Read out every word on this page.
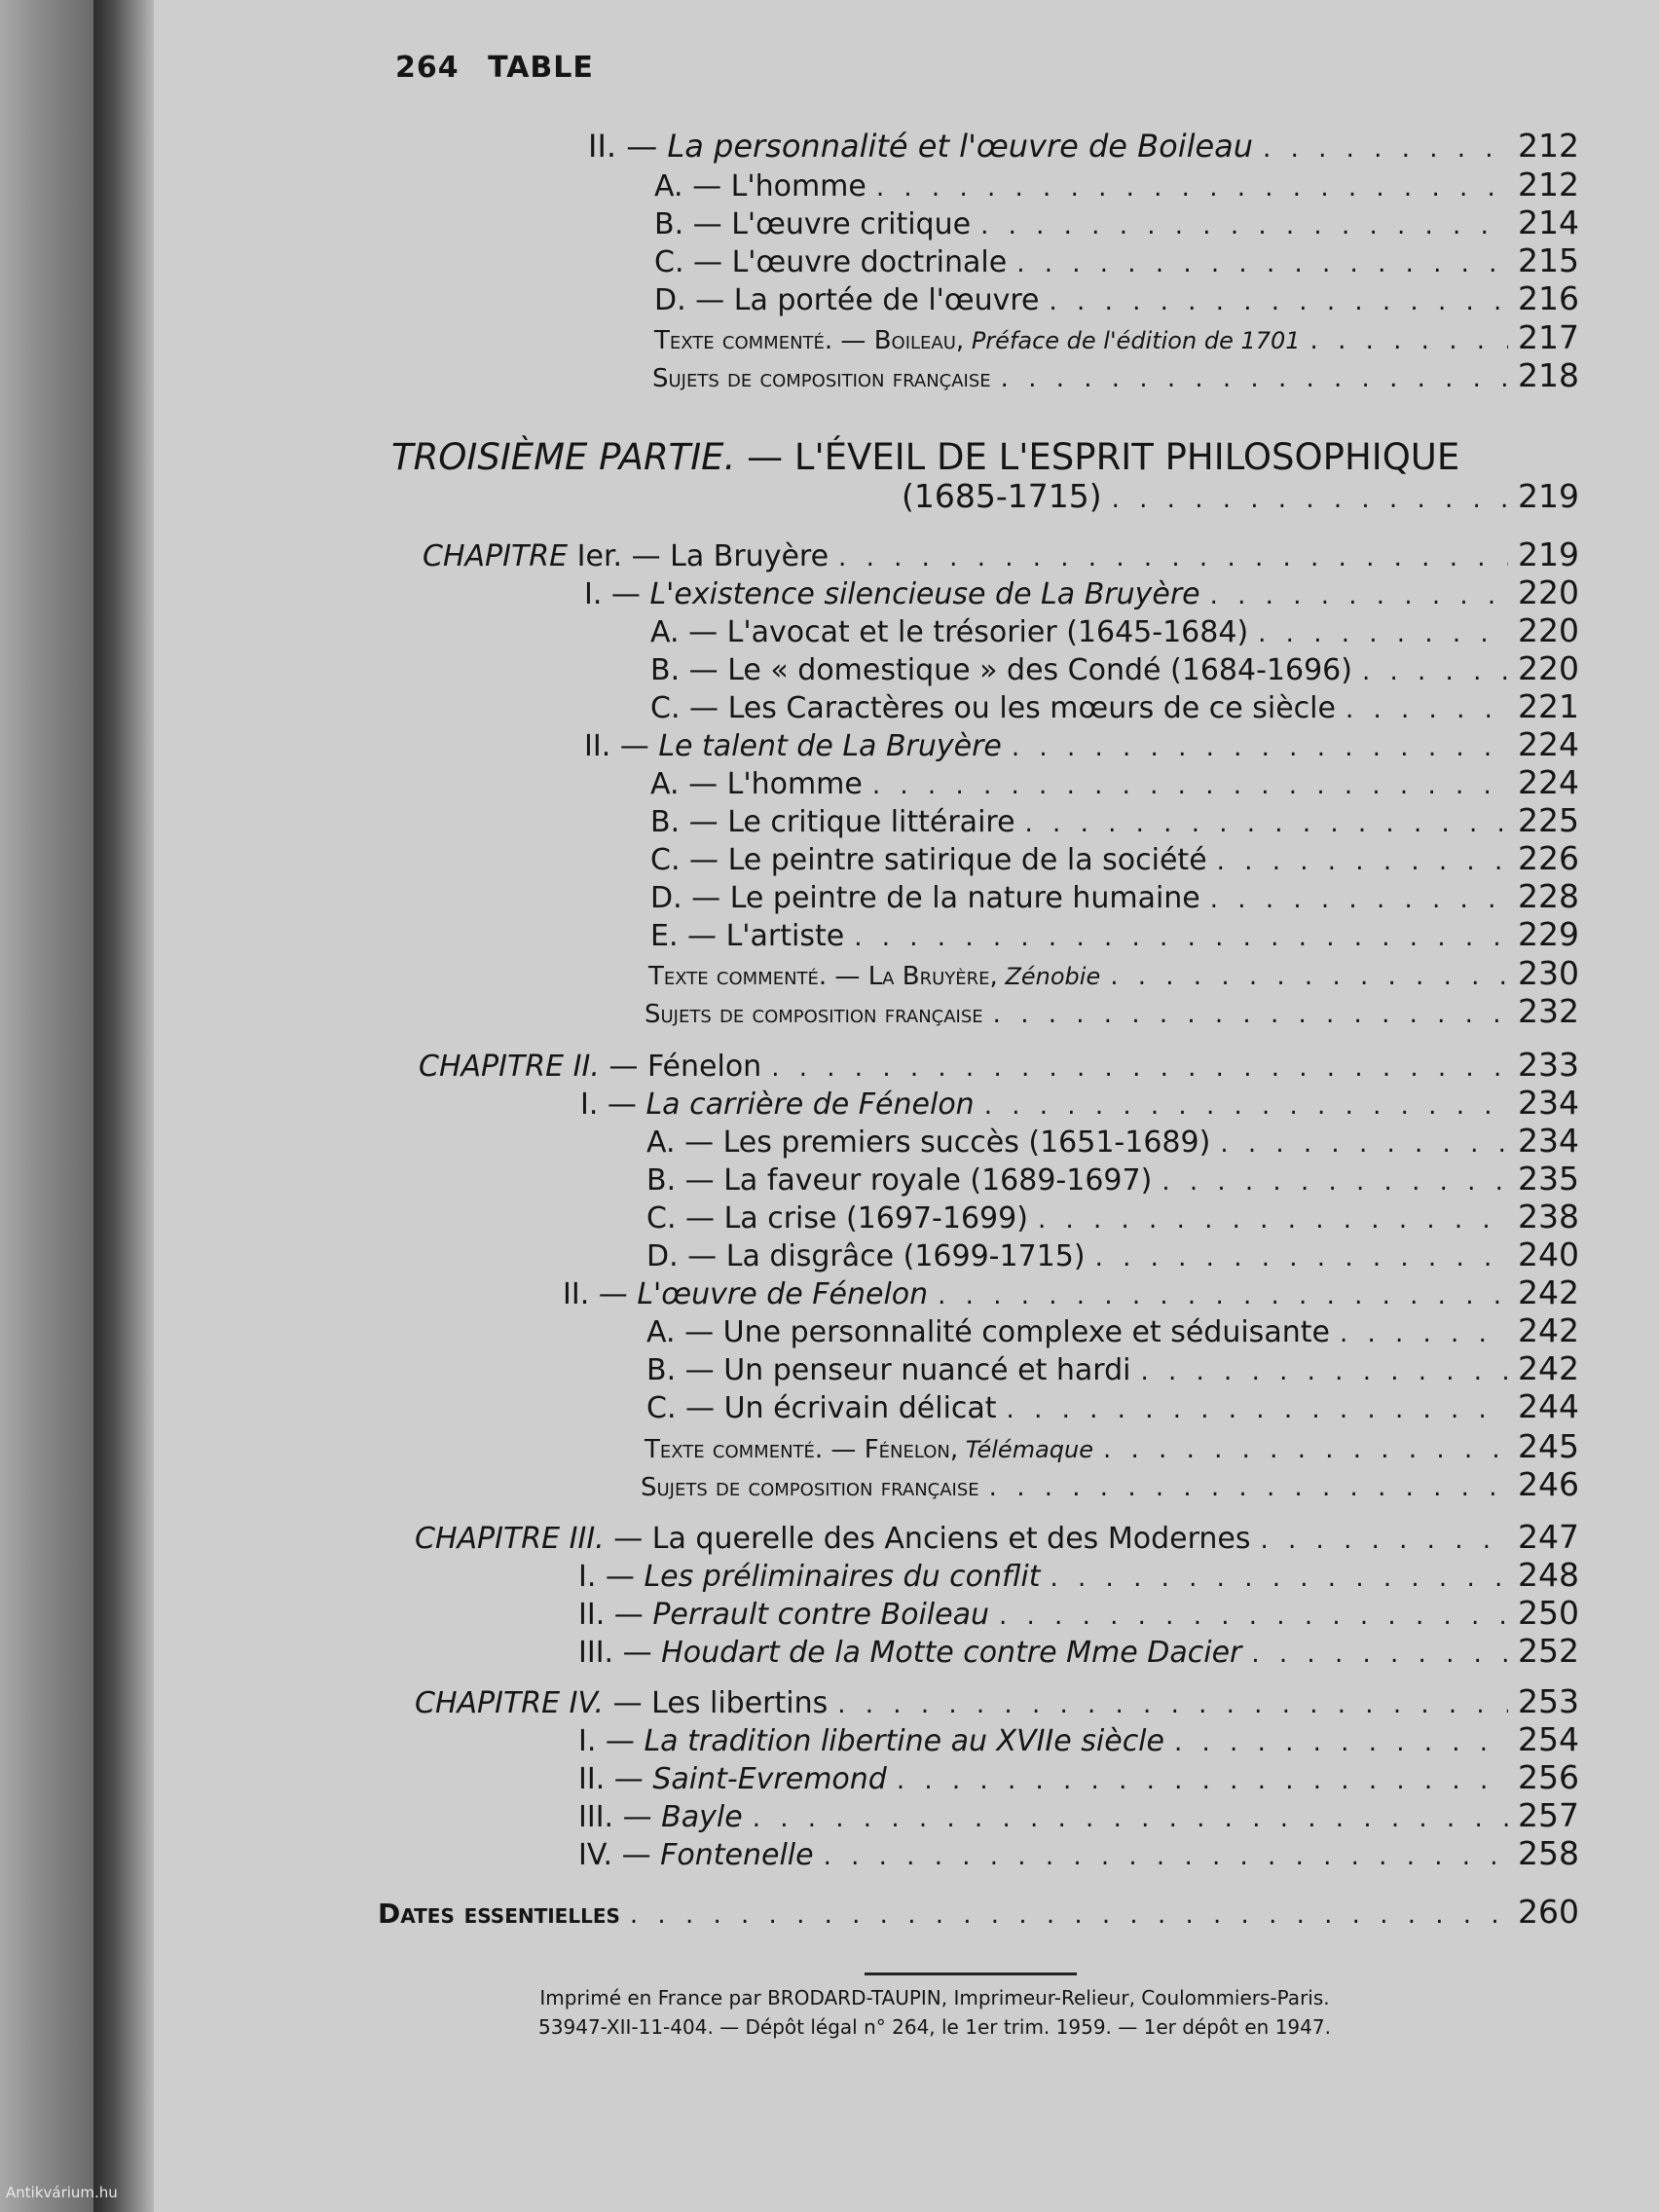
264 TABLE
II. — La personnalité et l'œuvre de Boileau . . .	212
A. — L'homme . . .	212
B. — L'œuvre critique . . .	214
C. — L'œuvre doctrinale . . .	215
D. — La portée de l'œuvre . . .	216
Texte commenté. — Boileau, Préface de l'édition de 1701 . . .	217
Sujets de composition française . . .	218
TROISIÈME PARTIE. — L'ÉVEIL DE L'ESPRIT PHILOSOPHIQUE
(1685-1715) . . .	219
CHAPITRE Ier. — La Bruyère . . .	219
I. — L'existence silencieuse de La Bruyère . . .	220
A. — L'avocat et le trésorier (1645-1684) . . .	220
B. — Le « domestique » des Condé (1684-1696) . . .	220
C. — Les Caractères ou les mœurs de ce siècle . . .	221
II. — Le talent de La Bruyère . . .	224
A. — L'homme . . .	224
B. — Le critique littéraire . . .	225
C. — Le peintre satirique de la société . . .	226
D. — Le peintre de la nature humaine . . .	228
E. — L'artiste . . .	229
Texte commenté. — La Bruyère, Zénobie . . .	230
Sujets de composition française . . .	232
CHAPITRE II. — Fénelon . . .	233
I. — La carrière de Fénelon . . .	234
A. — Les premiers succès (1651-1689) . . .	234
B. — La faveur royale (1689-1697) . . .	235
C. — La crise (1697-1699) . . .	238
D. — La disgrâce (1699-1715) . . .	240
II. — L'œuvre de Fénelon . . .	242
A. — Une personnalité complexe et séduisante . . .	242
B. — Un penseur nuancé et hardi . . .	242
C. — Un écrivain délicat . . .	244
Texte commenté. — Fénelon, Télémaque . . .	245
Sujets de composition française . . .	246
CHAPITRE III. — La querelle des Anciens et des Modernes . . .	247
I. — Les préliminaires du conflit . . .	248
II. — Perrault contre Boileau . . .	250
III. — Houdart de la Motte contre Mme Dacier . . .	252
CHAPITRE IV. — Les libertins . . .	253
I. — La tradition libertine au XVIIe siècle . . .	254
II. — Saint-Evremond . . .	256
III. — Bayle . . .	257
IV. — Fontenelle . . .	258
Dates essentielles . . .	260
Imprimé en France par BRODARD-TAUPIN, Imprimeur-Relieur, Coulommiers-Paris.
53947-XII-11-404. — Dépôt légal n° 264, le 1er trim. 1959. — 1er dépôt en 1947.
Antikvárium.hu
